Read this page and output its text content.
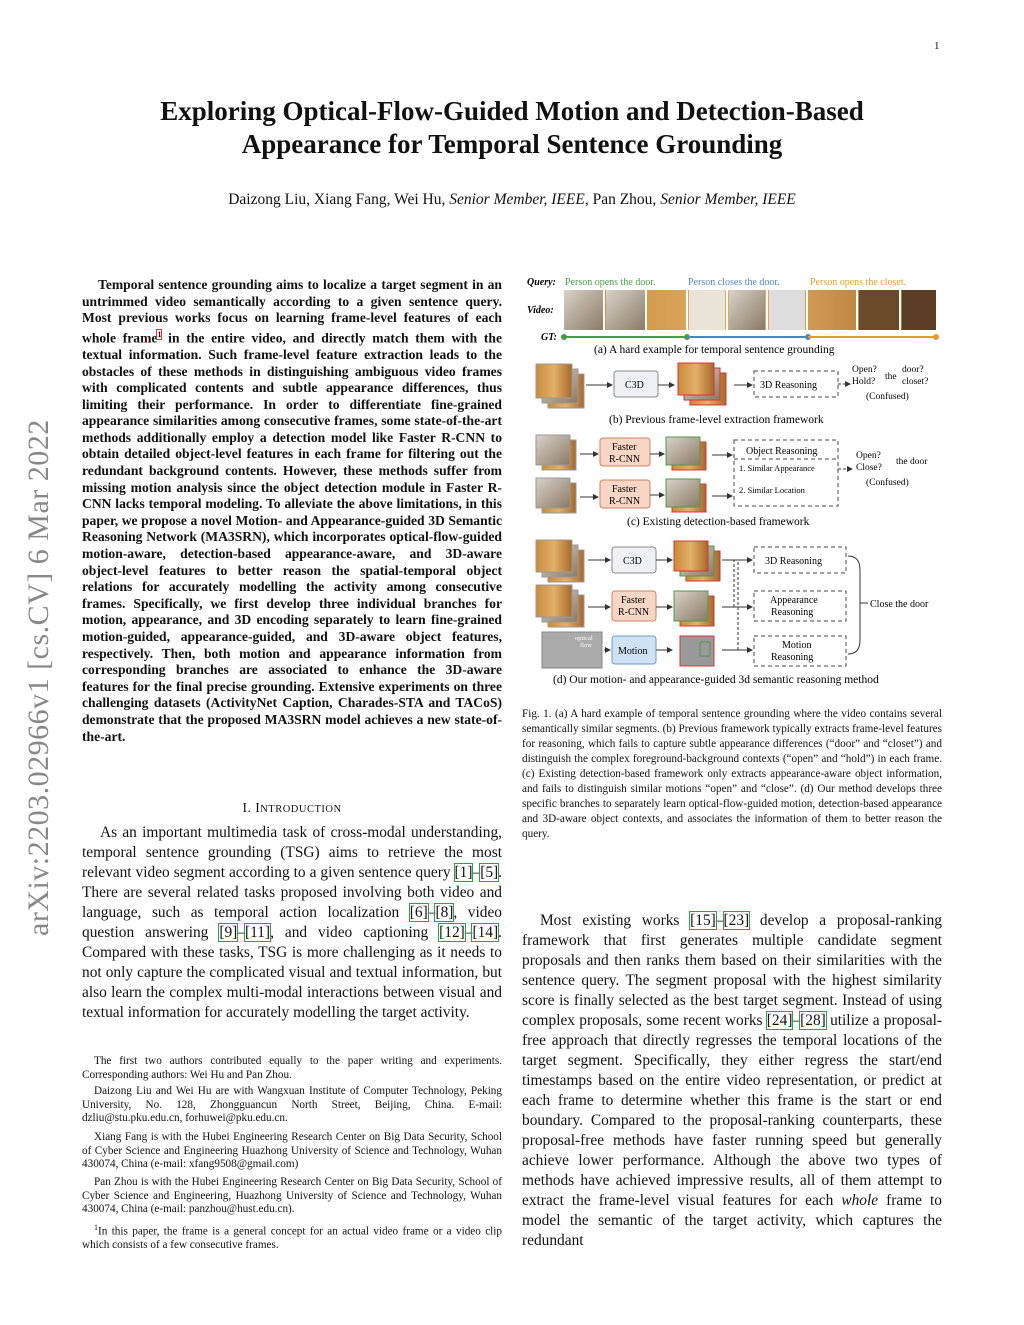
1
arXiv:2203.02966v1 [cs.CV] 6 Mar 2022
Exploring Optical-Flow-Guided Motion and Detection-Based
Appearance for Temporal Sentence Grounding
Daizong Liu, Xiang Fang, Wei Hu, Senior Member, IEEE, Pan Zhou, Senior Member, IEEE
Temporal sentence grounding aims to localize a target segment in an untrimmed video semantically according to a given sentence query. Most previous works focus on learning frame-level features of each whole frame$^1$ in the entire video, and directly match them with the textual information. Such frame-level feature extraction leads to the obstacles of these methods in distinguishing ambiguous video frames with complicated contents and subtle appearance differences, thus limiting their performance. In order to differentiate fine-grained appearance similarities among consecutive frames, some state-of-the-art methods additionally employ a detection model like Faster R-CNN to obtain detailed object-level features in each frame for filtering out the redundant background contents. However, these methods suffer from missing motion analysis since the object detection module in Faster R-CNN lacks temporal modeling. To alleviate the above limitations, in this paper, we propose a novel Motion- and Appearance-guided 3D Semantic Reasoning Network (MA3SRN), which incorporates optical-flow-guided motion-aware, detection-based appearance-aware, and 3D-aware object-level features to better reason the spatial-temporal object relations for accurately modelling the activity among consecutive frames. Specifically, we first develop three individual branches for motion, appearance, and 3D encoding separately to learn fine-grained motion-guided, appearance-guided, and 3D-aware object features, respectively. Then, both motion and appearance information from corresponding branches are associated to enhance the 3D-aware features for the final precise grounding. Extensive experiments on three challenging datasets (ActivityNet Caption, Charades-STA and TACoS) demonstrate that the proposed MA3SRN model achieves a new state-of-the-art.
I. INTRODUCTION
As an important multimedia task of cross-modal understanding, temporal sentence grounding (TSG) aims to retrieve the most relevant video segment according to a given sentence query [1]–[5]. There are several related tasks proposed involving both video and language, such as temporal action localization [6]–[8], video question answering [9]–[11], and video captioning [12]–[14]. Compared with these tasks, TSG is more challenging as it needs to not only capture the complicated visual and textual information, but also learn the complex multi-modal interactions between visual and textual information for accurately modelling the target activity.
The first two authors contributed equally to the paper writing and experiments. Corresponding authors: Wei Hu and Pan Zhou.
Daizong Liu and Wei Hu are with Wangxuan Institute of Computer Technology, Peking University, No. 128, Zhongguancun North Street, Beijing, China. E-mail: dzliu@stu.pku.edu.cn, forhuwei@pku.edu.cn.
Xiang Fang is with the Hubei Engineering Research Center on Big Data Security, School of Cyber Science and Engineering Huazhong University of Science and Technology, Wuhan 430074, China (e-mail: xfang9508@gmail.com)
Pan Zhou is with the Hubei Engineering Research Center on Big Data Security, School of Cyber Science and Engineering, Huazhong University of Science and Technology, Wuhan 430074, China (e-mail: panzhou@hust.edu.cn).
$^1$In this paper, the frame is a general concept for an actual video frame or a video clip which consists of a few consecutive frames.
Query: Person opens the door.	Person closes the door.	Person opens the closet.
Video:
GT:
(a) A hard example for temporal sentence grounding
C3D	3D Reasoning
Open?
Hold? the
door?
closet?
(Confused)
(b) Previous frame-level extraction framework
Faster
R-CNN
Faster
R-CNN
Object Reasoning
1. Similar Appearance
2. Similar Location
Open?
Close?
the door
(Confused)
(c) Existing detection-based framework
optical
flow
C3D
Faster
R-CNN
Motion
3D Reasoning
Appearance
Reasoning
Motion
Reasoning
Close the door
(d) Our motion- and appearance-guided 3d semantic reasoning method
Fig. 1. (a) A hard example of temporal sentence grounding where the video contains several semantically similar segments. (b) Previous framework typically extracts frame-level features for reasoning, which fails to capture subtle appearance differences (“door” and “closet”) and distinguish the complex foreground-background contexts (“open” and “hold”) in each frame. (c) Existing detection-based framework only extracts appearance-aware object information, and fails to distinguish similar motions “open” and “close”. (d) Our method develops three specific branches to separately learn optical-flow-guided motion, detection-based appearance and 3D-aware object contexts, and associates the information of them to better reason the query.
Most existing works [15]–[23] develop a proposal-ranking framework that first generates multiple candidate segment proposals and then ranks them based on their similarities with the sentence query. The segment proposal with the highest similarity score is finally selected as the best target segment. Instead of using complex proposals, some recent works [24]–[28] utilize a proposal-free approach that directly regresses the temporal locations of the target segment. Specifically, they either regress the start/end timestamps based on the entire video representation, or predict at each frame to determine whether this frame is the start or end boundary. Compared to the proposal-ranking counterparts, these proposal-free methods have faster running speed but generally achieve lower performance. Although the above two types of methods have achieved impressive results, all of them attempt to extract the frame-level visual features for each whole frame to model the semantic of the target activity, which captures the redundant
